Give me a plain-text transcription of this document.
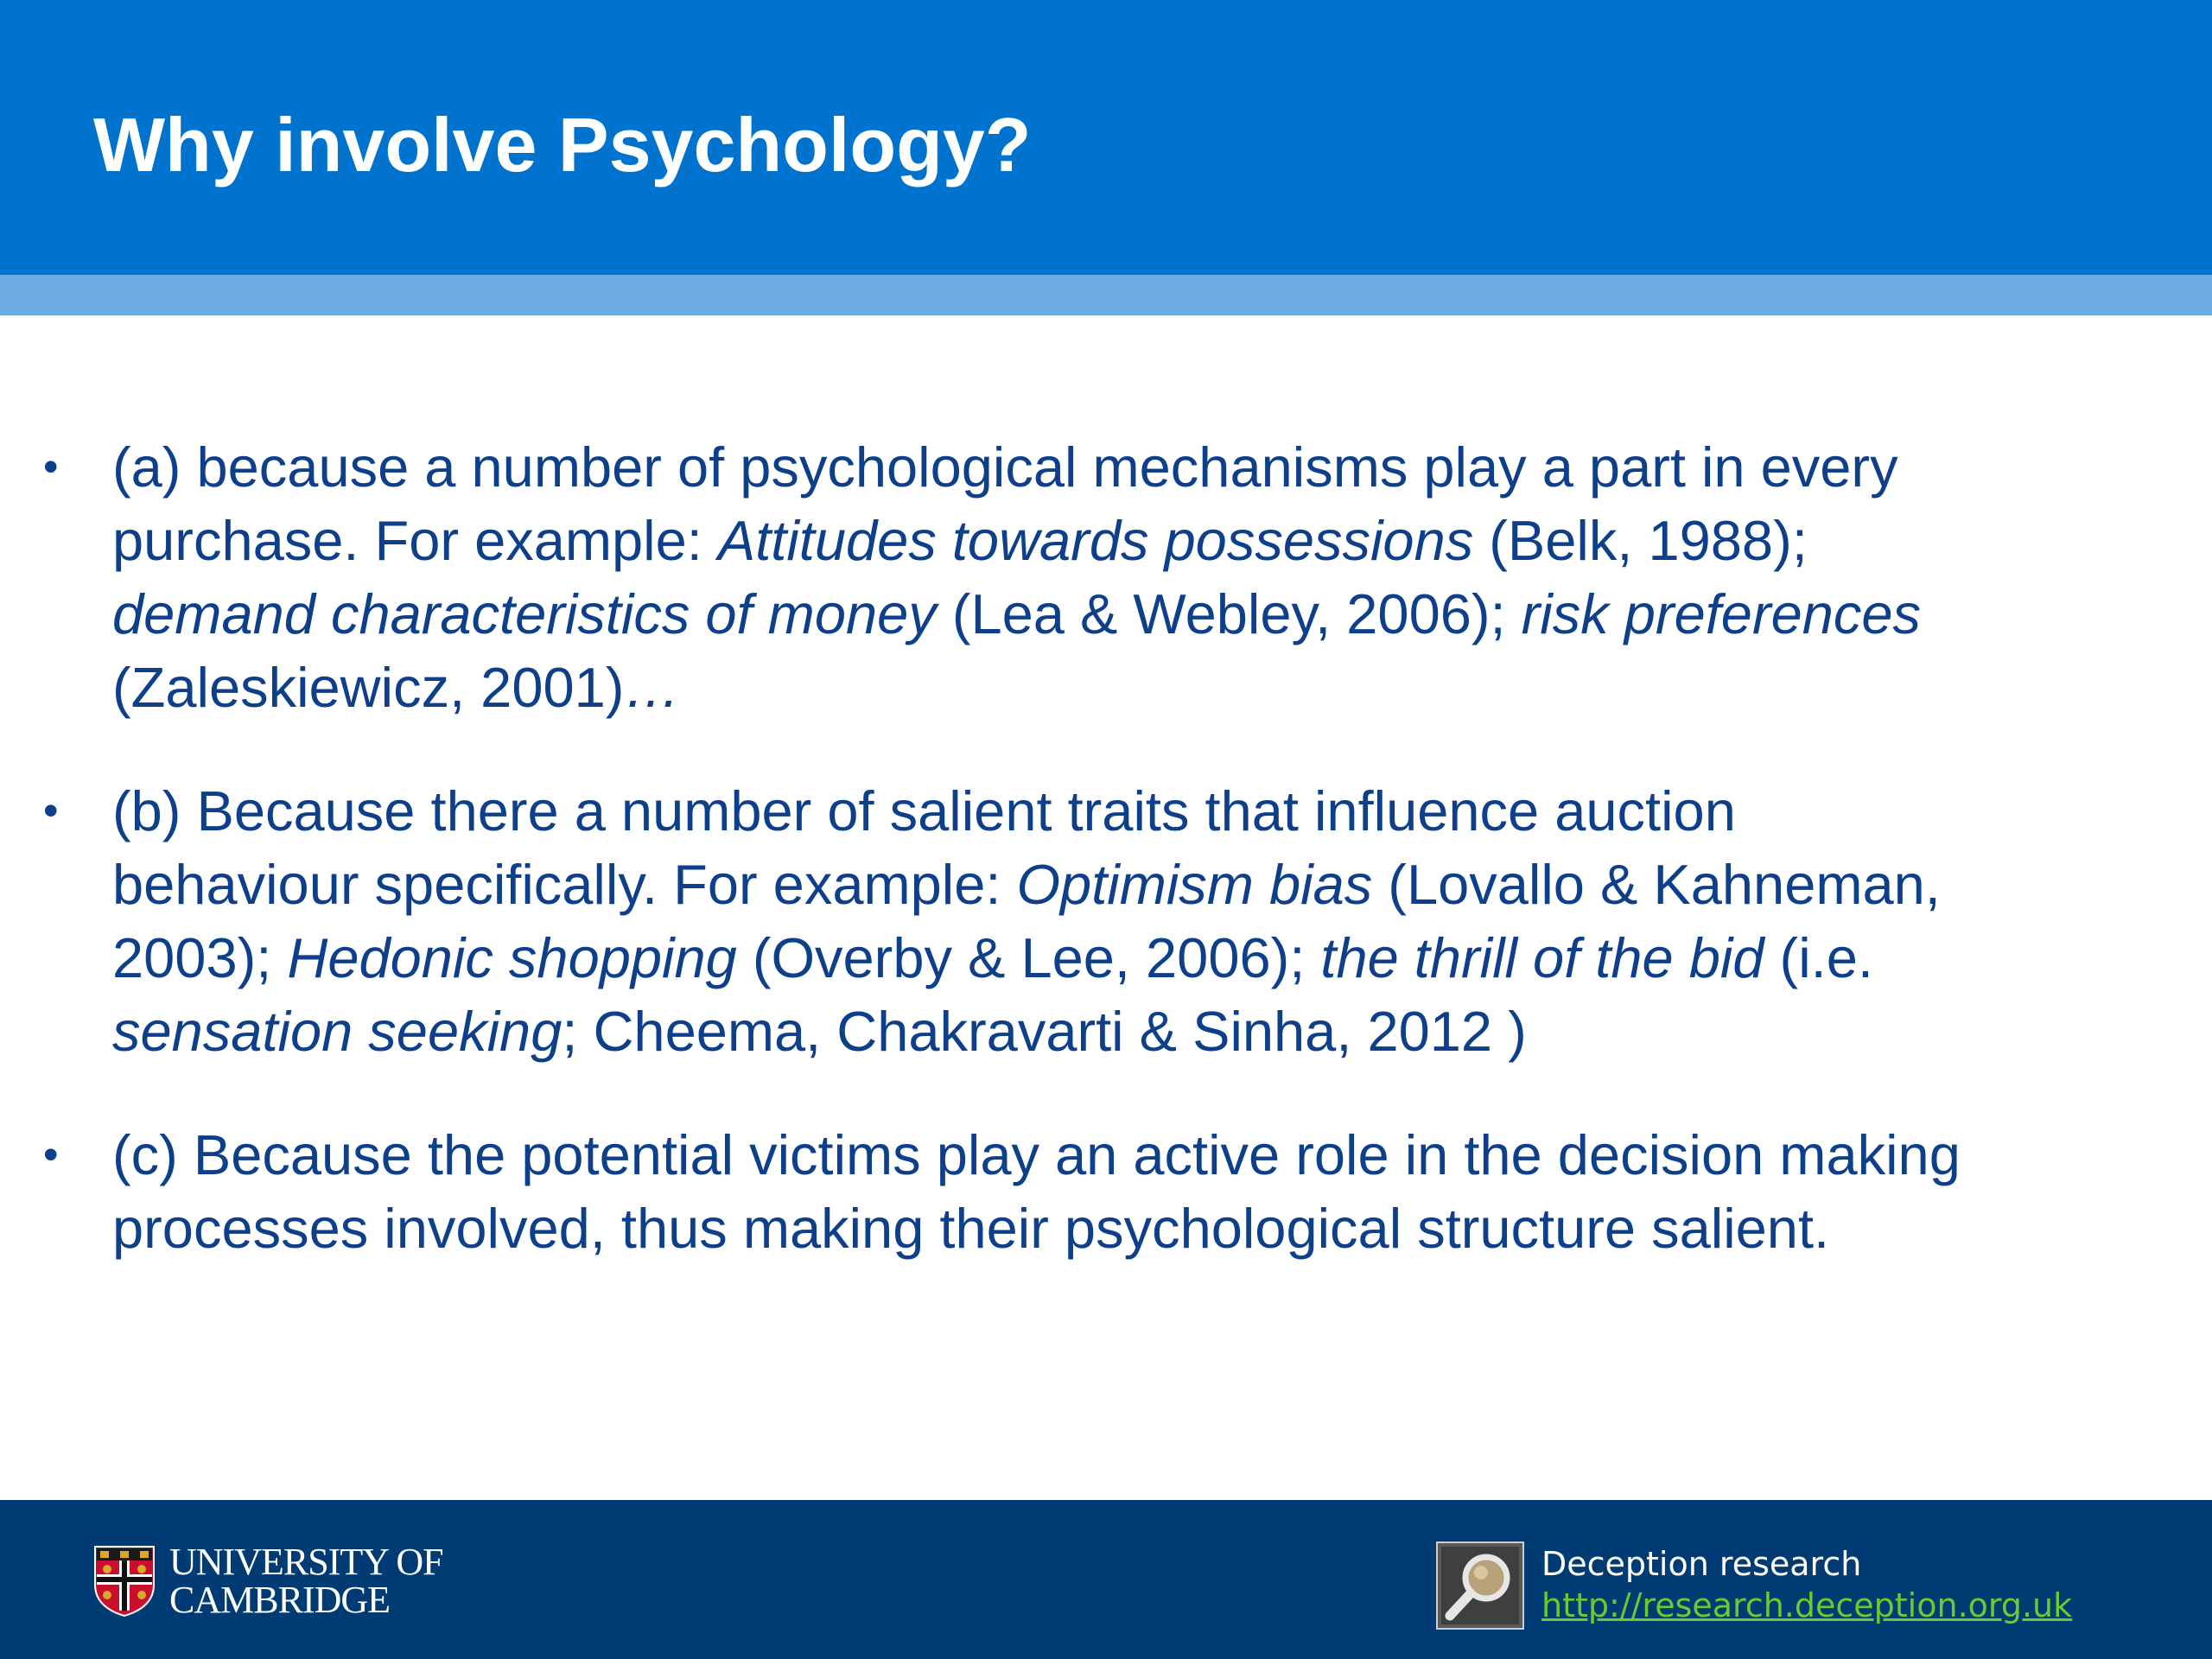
Why involve Psychology?
• (a) because a number of psychological mechanisms play a part in every
purchase. For example: Attitudes towards possessions (Belk, 1988);
demand characteristics of money (Lea & Webley, 2006); risk preferences
(Zaleskiewicz, 2001)…
• (b) Because there a number of salient traits that influence auction
behaviour specifically. For example: Optimism bias (Lovallo & Kahneman,
2003); Hedonic shopping (Overby & Lee, 2006); the thrill of the bid (i.e.
sensation seeking; Cheema, Chakravarti & Sinha, 2012 )
• (c) Because the potential victims play an active role in the decision making
processes involved, thus making their psychological structure salient.
UNIVERSITY OF
CAMBRIDGE
Deception research
http://research.deception.org.uk
